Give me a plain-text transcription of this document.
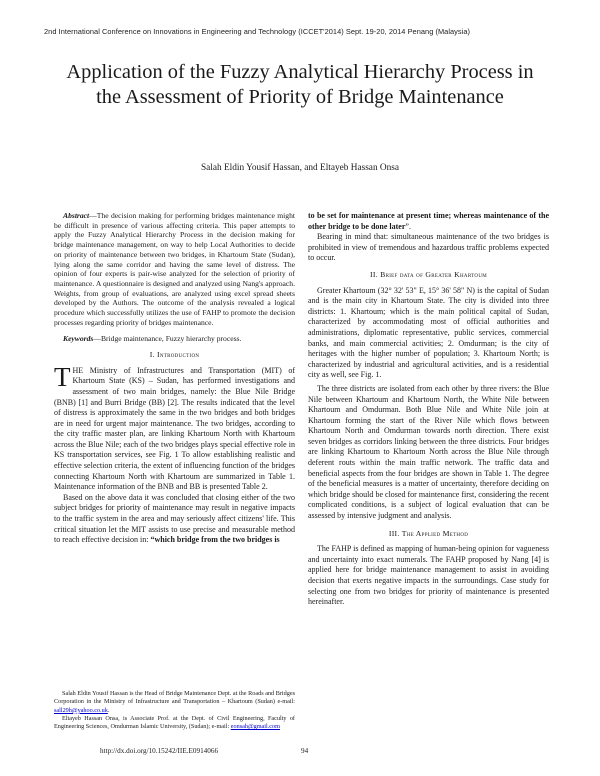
2nd International Conference on Innovations in Engineering and Technology (ICCET'2014) Sept. 19-20, 2014 Penang (Malaysia)
Application of the Fuzzy Analytical Hierarchy Process in the Assessment of Priority of Bridge Maintenance
Salah Eldin Yousif Hassan, and Eltayeb Hassan Onsa

Abstract—The decision making for performing bridges maintenance might be difficult in presence of various affecting criteria. This paper attempts to apply the Fuzzy Analytical Hierarchy Process in the decision making for bridge maintenance management, on way to help Local Authorities to decide on priority of maintenance between two bridges, in Khartoum State (Sudan), lying along the same corridor and having the same level of distress. The opinion of four experts is pair-wise analyzed for the selection of priority of maintenance. A questionnaire is designed and analyzed using Nang's approach. Weights, from group of evaluations, are analyzed using excel spread sheets developed by the Authors. The outcome of the analysis revealed a logical procedure which successfully utilizes the use of FAHP to promote the decision processes regarding priority of bridges maintenance.

Keywords—Bridge maintenance, Fuzzy hierarchy process.

I. Introduction

THE Ministry of Infrastructures and Transportation (MIT) of Khartoum State (KS) – Sudan, has performed investigations and assessment of two main bridges, namely: the Blue Nile Bridge (BNB) [1] and Burri Bridge (BB) [2]. The results indicated that the level of distress is approximately the same in the two bridges and both bridges are in need for urgent major maintenance. The two bridges, according to the city traffic master plan, are linking Khartoum North with Khartoum across the Blue Nile; each of the two bridges plays special effective role in KS transportation services, see Fig. 1 To allow establishing realistic and effective selection criteria, the extent of influencing function of the bridges connecting Khartoum North with Khartoum are summarized in Table 1. Maintenance information of the BNB and BB is presented Table 2.

Based on the above data it was concluded that closing either of the two subject bridges for priority of maintenance may result in negative impacts to the traffic system in the area and may seriously affect citizens' life. This critical situation let the MIT assists to use precise and measurable method to reach effective decision in: “which bridge from the two bridges is

Salah Eldin Yousif Hassan is the Head of Bridge Maintenance Dept. at the Roads and Bridges Corporation in the Ministry of Infrastructure and Transportation – Khartoum (Sudan) e-mail: sall29h@yahoo.co.uk.

Eltayeb Hassan Onsa, is Associate Prof. at the Dept. of Civil Engineering, Faculty of Engineering Sciences, Omdurman Islamic University, (Sudan); e-mail: eonsah@gmail.com

to be set for maintenance at present time; whereas maintenance of the other bridge to be done later”.

Bearing in mind that: simultaneous maintenance of the two bridges is prohibited in view of tremendous and hazardous traffic problems expected to occur.

II. Brief data of Greater Khartoum

Greater Khartoum (32° 32' 53" E, 15° 36' 58" N) is the capital of Sudan and is the main city in Khartoum State. The city is divided into three districts: 1. Khartoum; which is the main political capital of Sudan, characterized by accommodating most of official authorities and administrations, diplomatic representative, public services, commercial banks, and main commercial activities; 2. Omdurman; is the city of heritages with the higher number of population; 3. Khartoum North; is characterized by industrial and agricultural activities, and is a residential city as well, see Fig. 1.

The three districts are isolated from each other by three rivers: the Blue Nile between Khartoum and Khartoum North, the White Nile between Khartoum and Omdurman. Both Blue Nile and White Nile join at Khartoum forming the start of the River Nile which flows between Khartoum North and Omdurman towards north direction. There exist seven bridges as corridors linking between the three districts. Four bridges are linking Khartoum to Khartoum North across the Blue Nile through deferent routs within the main traffic network. The traffic data and beneficial aspects from the four bridges are shown in Table 1. The degree of the beneficial measures is a matter of uncertainty, therefore deciding on which bridge should be closed for maintenance first, considering the recent complicated conditions, is a subject of logical evaluation that can be assessed by intensive judgment and analysis.

III. The Applied Method

The FAHP is defined as mapping of human-being opinion for vagueness and uncertainty into exact numerals. The FAHP proposed by Nang [4] is applied here for bridge maintenance management to assist in avoiding decision that exerts negative impacts in the surroundings. Case study for selecting one from two bridges for priority of maintenance is presented hereinafter.

http://dx.doi.org/10.15242/IIE.E0914066	94
